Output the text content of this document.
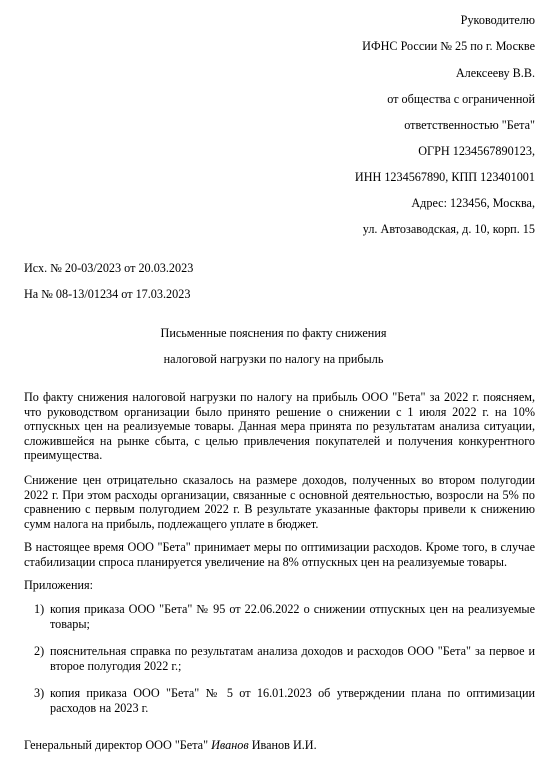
Руководителю
ИФНС России № 25 по г. Москве
Алексееву В.В.
от общества с ограниченной
ответственностью "Бета"
ОГРН 1234567890123,
ИНН 1234567890, КПП 123401001
Адрес: 123456, Москва,
ул. Автозаводская, д. 10, корп. 15
Исх. № 20-03/2023 от 20.03.2023
На № 08-13/01234 от 17.03.2023
Письменные пояснения по факту снижения
налоговой нагрузки по налогу на прибыль

По факту снижения налоговой нагрузки по налогу на прибыль ООО "Бета" за 2022 г. поясняем, что руководством организации было принято решение о снижении с 1 июля 2022 г. на 10% отпускных цен на реализуемые товары. Данная мера принята по результатам анализа ситуации, сложившейся на рынке сбыта, с целью привлечения покупателей и получения конкурентного преимущества.

Снижение цен отрицательно сказалось на размере доходов, полученных во втором полугодии 2022 г. При этом расходы организации, связанные с основной деятельностью, возросли на 5% по сравнению с первым полугодием 2022 г. В результате указанные факторы привели к снижению сумм налога на прибыль, подлежащего уплате в бюджет.

В настоящее время ООО "Бета" принимает меры по оптимизации расходов. Кроме того, в случае стабилизации спроса планируется увеличение на 8% отпускных цен на реализуемые товары.

Приложения:
1) копия приказа ООО "Бета" № 95 от 22.06.2022 о снижении отпускных цен на реализуемые товары;
2) пояснительная справка по результатам анализа доходов и расходов ООО "Бета" за первое и второе полугодия 2022 г.;
3) копия приказа ООО "Бета" № 5 от 16.01.2023 об утверждении плана по оптимизации расходов на 2023 г.
Генеральный директор ООО "Бета" Иванов Иванов И.И.
